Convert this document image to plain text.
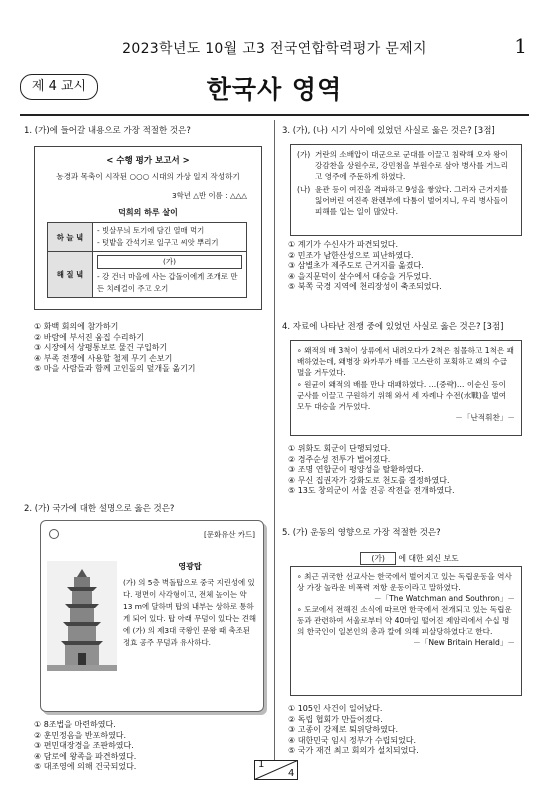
2023학년도 10월 고3 전국연합학력평가 문제지	1
제 4 교시	한국사 영역
1. (가)에 들어갈 내용으로 가장 적절한 것은?
< 수행 평가 보고서 >
농경과 목축이 시작된 ○○○ 시대의 가상 일지 작성하기
3학년 △반 이름 : △△△
덕희의 하루 살이
하 늘 녘	- 빗살무늬 토기에 담긴 열매 먹기
- 텃밭을 간석기로 일구고 씨앗 뿌리기

해 질 녘	(가)
- 강 건너 마을에 사는 갑돌이에게 조개로 만든 치레걸이 주고 오기
① 화백 회의에 참가하기
② 바람에 부서진 움집 수리하기
③ 시장에서 상평통보로 물건 구입하기
④ 부족 전쟁에 사용할 철제 무기 손보기
⑤ 마을 사람들과 함께 고인돌의 덮개돌 옮기기
2. (가) 국가에 대한 설명으로 옳은 것은?
[문화유산 카드]
영광탑
(가) 의 5층 벽돌탑으로 중국 지린성에 있다. 평면이 사각형이고, 전체 높이는 약 13 m에 달하며 탑의 내부는 상하로 통하게 되어 있다. 탑 아래 무덤이 있다는 견해에 (가) 의 제3대 국왕인 문왕 때 축조된 정효 공주 무덤과 유사하다.
① 8조법을 마련하였다.
② 훈민정음을 반포하였다.
③ 편민대장경을 조판하였다.
④ 담로에 왕족을 파견하였다.
⑤ 대조영에 의해 건국되었다.
3. (가), (나) 시기 사이에 있었던 사실로 옳은 것은? [3점]
(가) 거란의 소배압이 대군으로 군대를 이끌고 침략해 오자 왕이 강감찬을 상원수로, 강민첨을 부원수로 삼아 병사를 거느리고 영주에 주둔하게 하였다.
(나) 윤관 등이 여진을 격파하고 9성을 쌓았다. 그러자 근거지를 잃어버린 여진족 완렌부에 다툼이 벌어지니, 우리 병사들이 피해를 입는 일이 많았다.
① 계기가 수신사가 파견되었다.
② 민조가 남한산성으로 피난하였다.
③ 삼별초가 제주도로 근거지를 옮겼다.
④ 을지문덕이 살수에서 대승을 거두었다.
⑤ 북쪽 국경 지역에 천리장성이 축조되었다.
4. 자료에 나타난 전쟁 중에 있었던 사실로 옳은 것은? [3점]
∘ 왜적의 배 3척이 상류에서 내려오다가 2척은 침몰하고 1척은 패배하였는데, 왜병장 와카루가 배를 고스란히 포획하고 왜의 수급 멸을 거두었다.
∘ 원균이 왜적의 배를 만나 대패하였다. …(중략)… 이순신 등이 군사를 이끌고 구원하기 위해 와서 세 자례나 수전(水戰)을 벌여 모두 대승을 거두었다.
－「난적휘찬」－
① 위화도 회군이 단행되었다.
② 경주순성 전투가 벌어졌다.
③ 조명 연합군이 평양성을 탈환하였다.
④ 무신 집권자가 강화도로 천도를 결정하였다.
⑤ 13도 창의군이 서울 진공 작전을 전개하였다.
5. (가) 운동의 영향으로 가장 적절한 것은?
(가) 에 대한 외신 보도
∘ 최근 귀국한 선교사는 한국에서 벌어지고 있는 독립운동을 역사상 가장 놀라운 비폭력 저항 운동이라고 말하였다.
－「The Watchman and Southron」－
∘ 도쿄에서 전해진 소식에 따르면 한국에서 전개되고 있는 독립운동과 관련하여 서울로부터 약 40마일 떨어진 제암리에서 수십 명의 한국인이 일본인의 총과 칼에 의해 피살당하였다고 한다.
－「New Britain Herald」－
① 105인 사건이 일어났다.
② 독립 협회가 만들어졌다.
③ 고종이 강제로 퇴위당하였다.
④ 대한민국 임시 정부가 수립되었다.
⑤ 국가 재건 최고 회의가 설치되었다.
1
4
